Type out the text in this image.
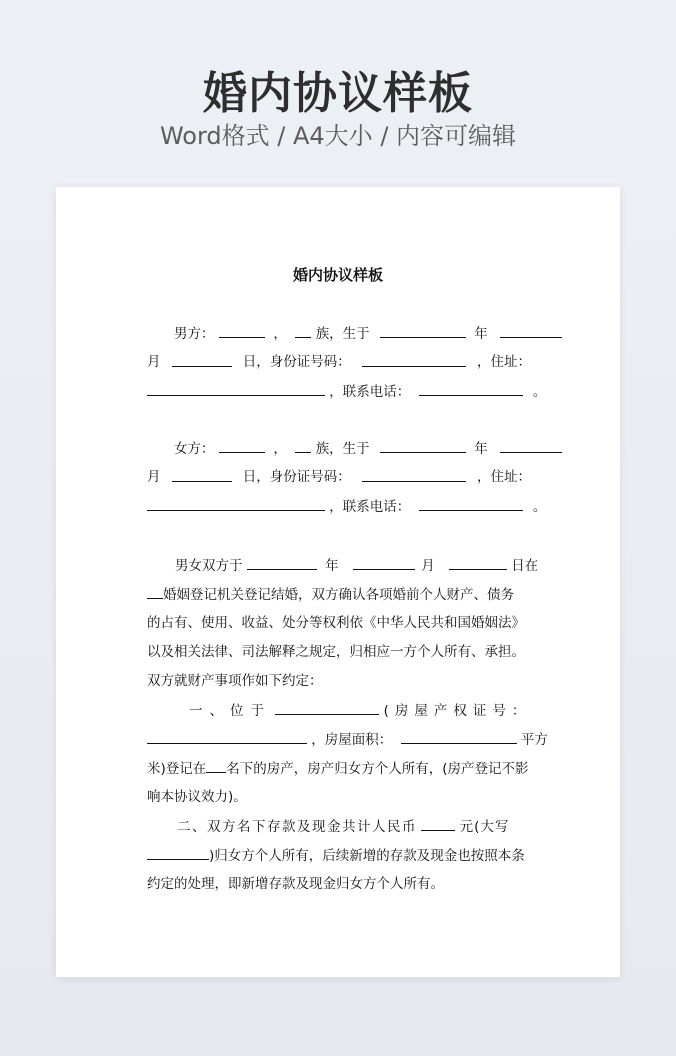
婚内协议样板
Word格式 / A4大小 / 内容可编辑
婚内协议样板
男方：	， 族，生于	年
月	日，身份证号码：	，住址：
，联系电话：	。
女方：	， 族，生于	年
月	日，身份证号码：	，住址：
，联系电话：	。
男女双方于	年	月	日在
婚姻登记机关登记结婚，双方确认各项婚前个人财产、债务
的占有、使用、收益、处分等权利依《中华人民共和国婚姻法》
以及相关法律、司法解释之规定，归相应一方个人所有、承担。
双方就财产事项作如下约定：
一、位于	(房屋产权证号：
，房屋面积：	平方
米)登记在 名下的房产，房产归女方个人所有，(房产登记不影
响本协议效力)。
二、双方名下存款及现金共计人民币	元(大写
)归女方个人所有，后续新增的存款及现金也按照本条
约定的处理，即新增存款及现金归女方个人所有。
